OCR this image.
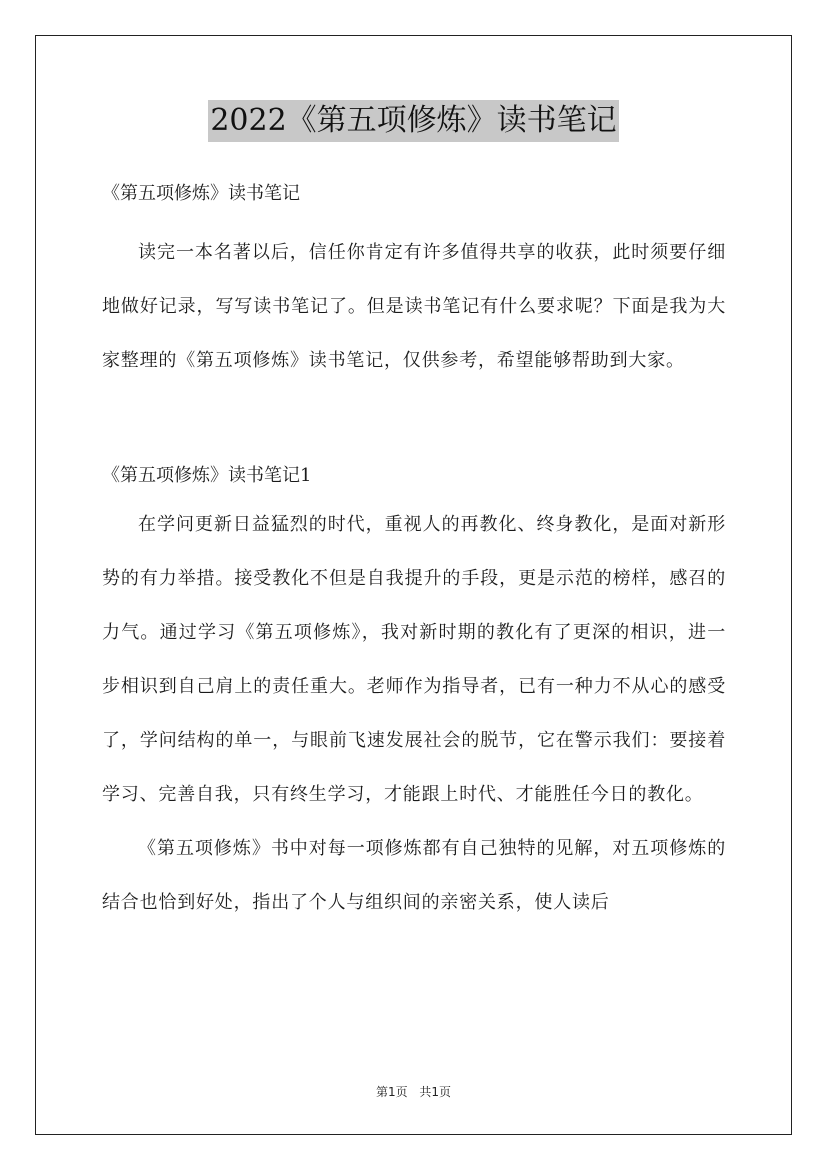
2022《第五项修炼》读书笔记

《第五项修炼》读书笔记

读完一本名著以后，信任你肯定有许多值得共享的收获，此时须要仔细地做好记录，写写读书笔记了。但是读书笔记有什么要求呢？下面是我为大家整理的《第五项修炼》读书笔记，仅供参考，希望能够帮助到大家。

《第五项修炼》读书笔记1

在学问更新日益猛烈的时代，重视人的再教化、终身教化，是面对新形势的有力举措。接受教化不但是自我提升的手段，更是示范的榜样，感召的力气。通过学习《第五项修炼》，我对新时期的教化有了更深的相识，进一步相识到自己肩上的责任重大。老师作为指导者，已有一种力不从心的感受了，学问结构的单一，与眼前飞速发展社会的脱节，它在警示我们：要接着学习、完善自我，只有终生学习，才能跟上时代、才能胜任今日的教化。

《第五项修炼》书中对每一项修炼都有自己独特的见解，对五项修炼的结合也恰到好处，指出了个人与组织间的亲密关系，使人读后

第1页 共1页
